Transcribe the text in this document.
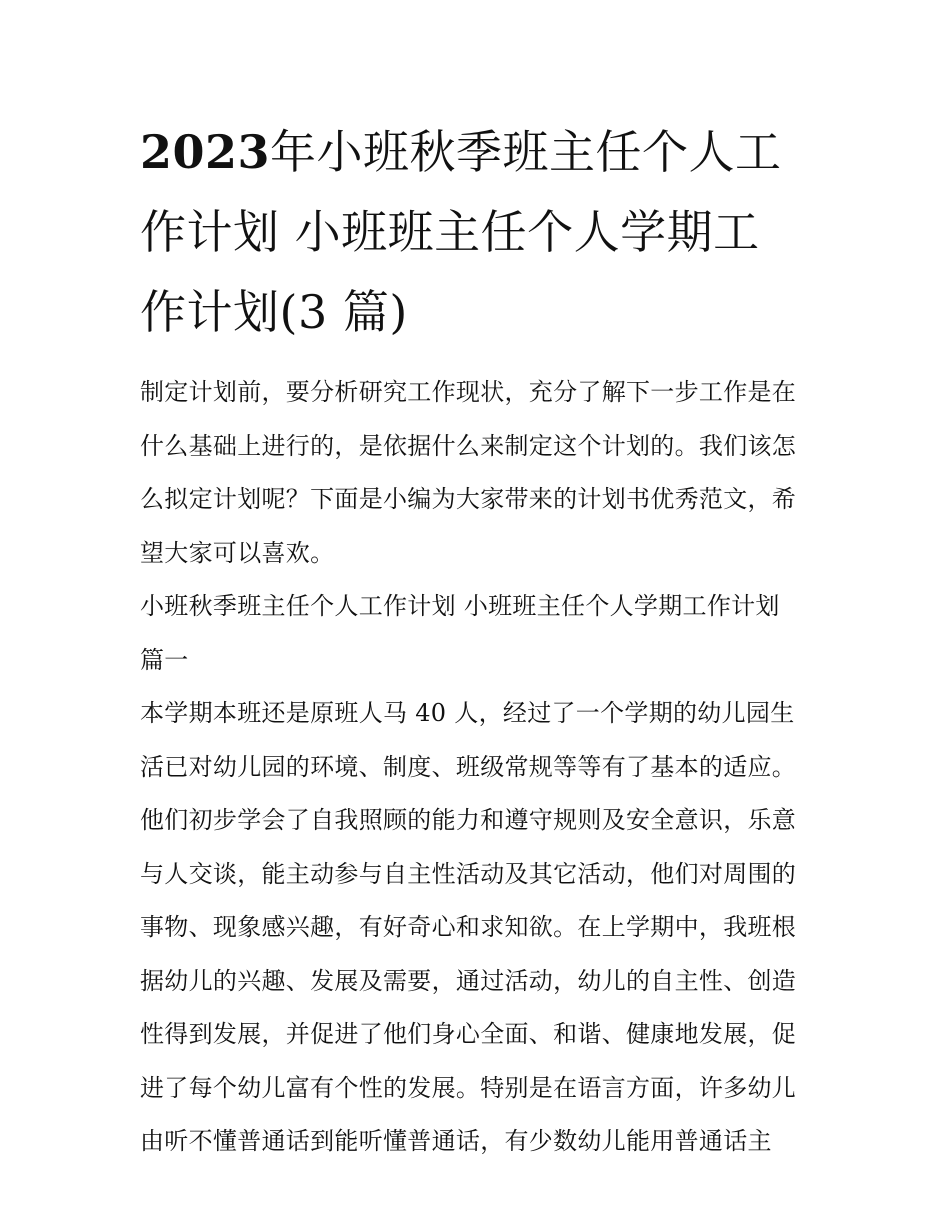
2023年小班秋季班主任个人工
作计划 小班班主任个人学期工
作计划(3 篇)
制定计划前，要分析研究工作现状，充分了解下一步工作是在
什么基础上进行的，是依据什么来制定这个计划的。我们该怎
么拟定计划呢？下面是小编为大家带来的计划书优秀范文，希
望大家可以喜欢。
小班秋季班主任个人工作计划 小班班主任个人学期工作计划
篇一
本学期本班还是原班人马 40 人，经过了一个学期的幼儿园生
活已对幼儿园的环境、制度、班级常规等等有了基本的适应。
他们初步学会了自我照顾的能力和遵守规则及安全意识，乐意
与人交谈，能主动参与自主性活动及其它活动，他们对周围的
事物、现象感兴趣，有好奇心和求知欲。在上学期中，我班根
据幼儿的兴趣、发展及需要，通过活动，幼儿的自主性、创造
性得到发展，并促进了他们身心全面、和谐、健康地发展，促
进了每个幼儿富有个性的发展。特别是在语言方面，许多幼儿
由听不懂普通话到能听懂普通话，有少数幼儿能用普通话主
